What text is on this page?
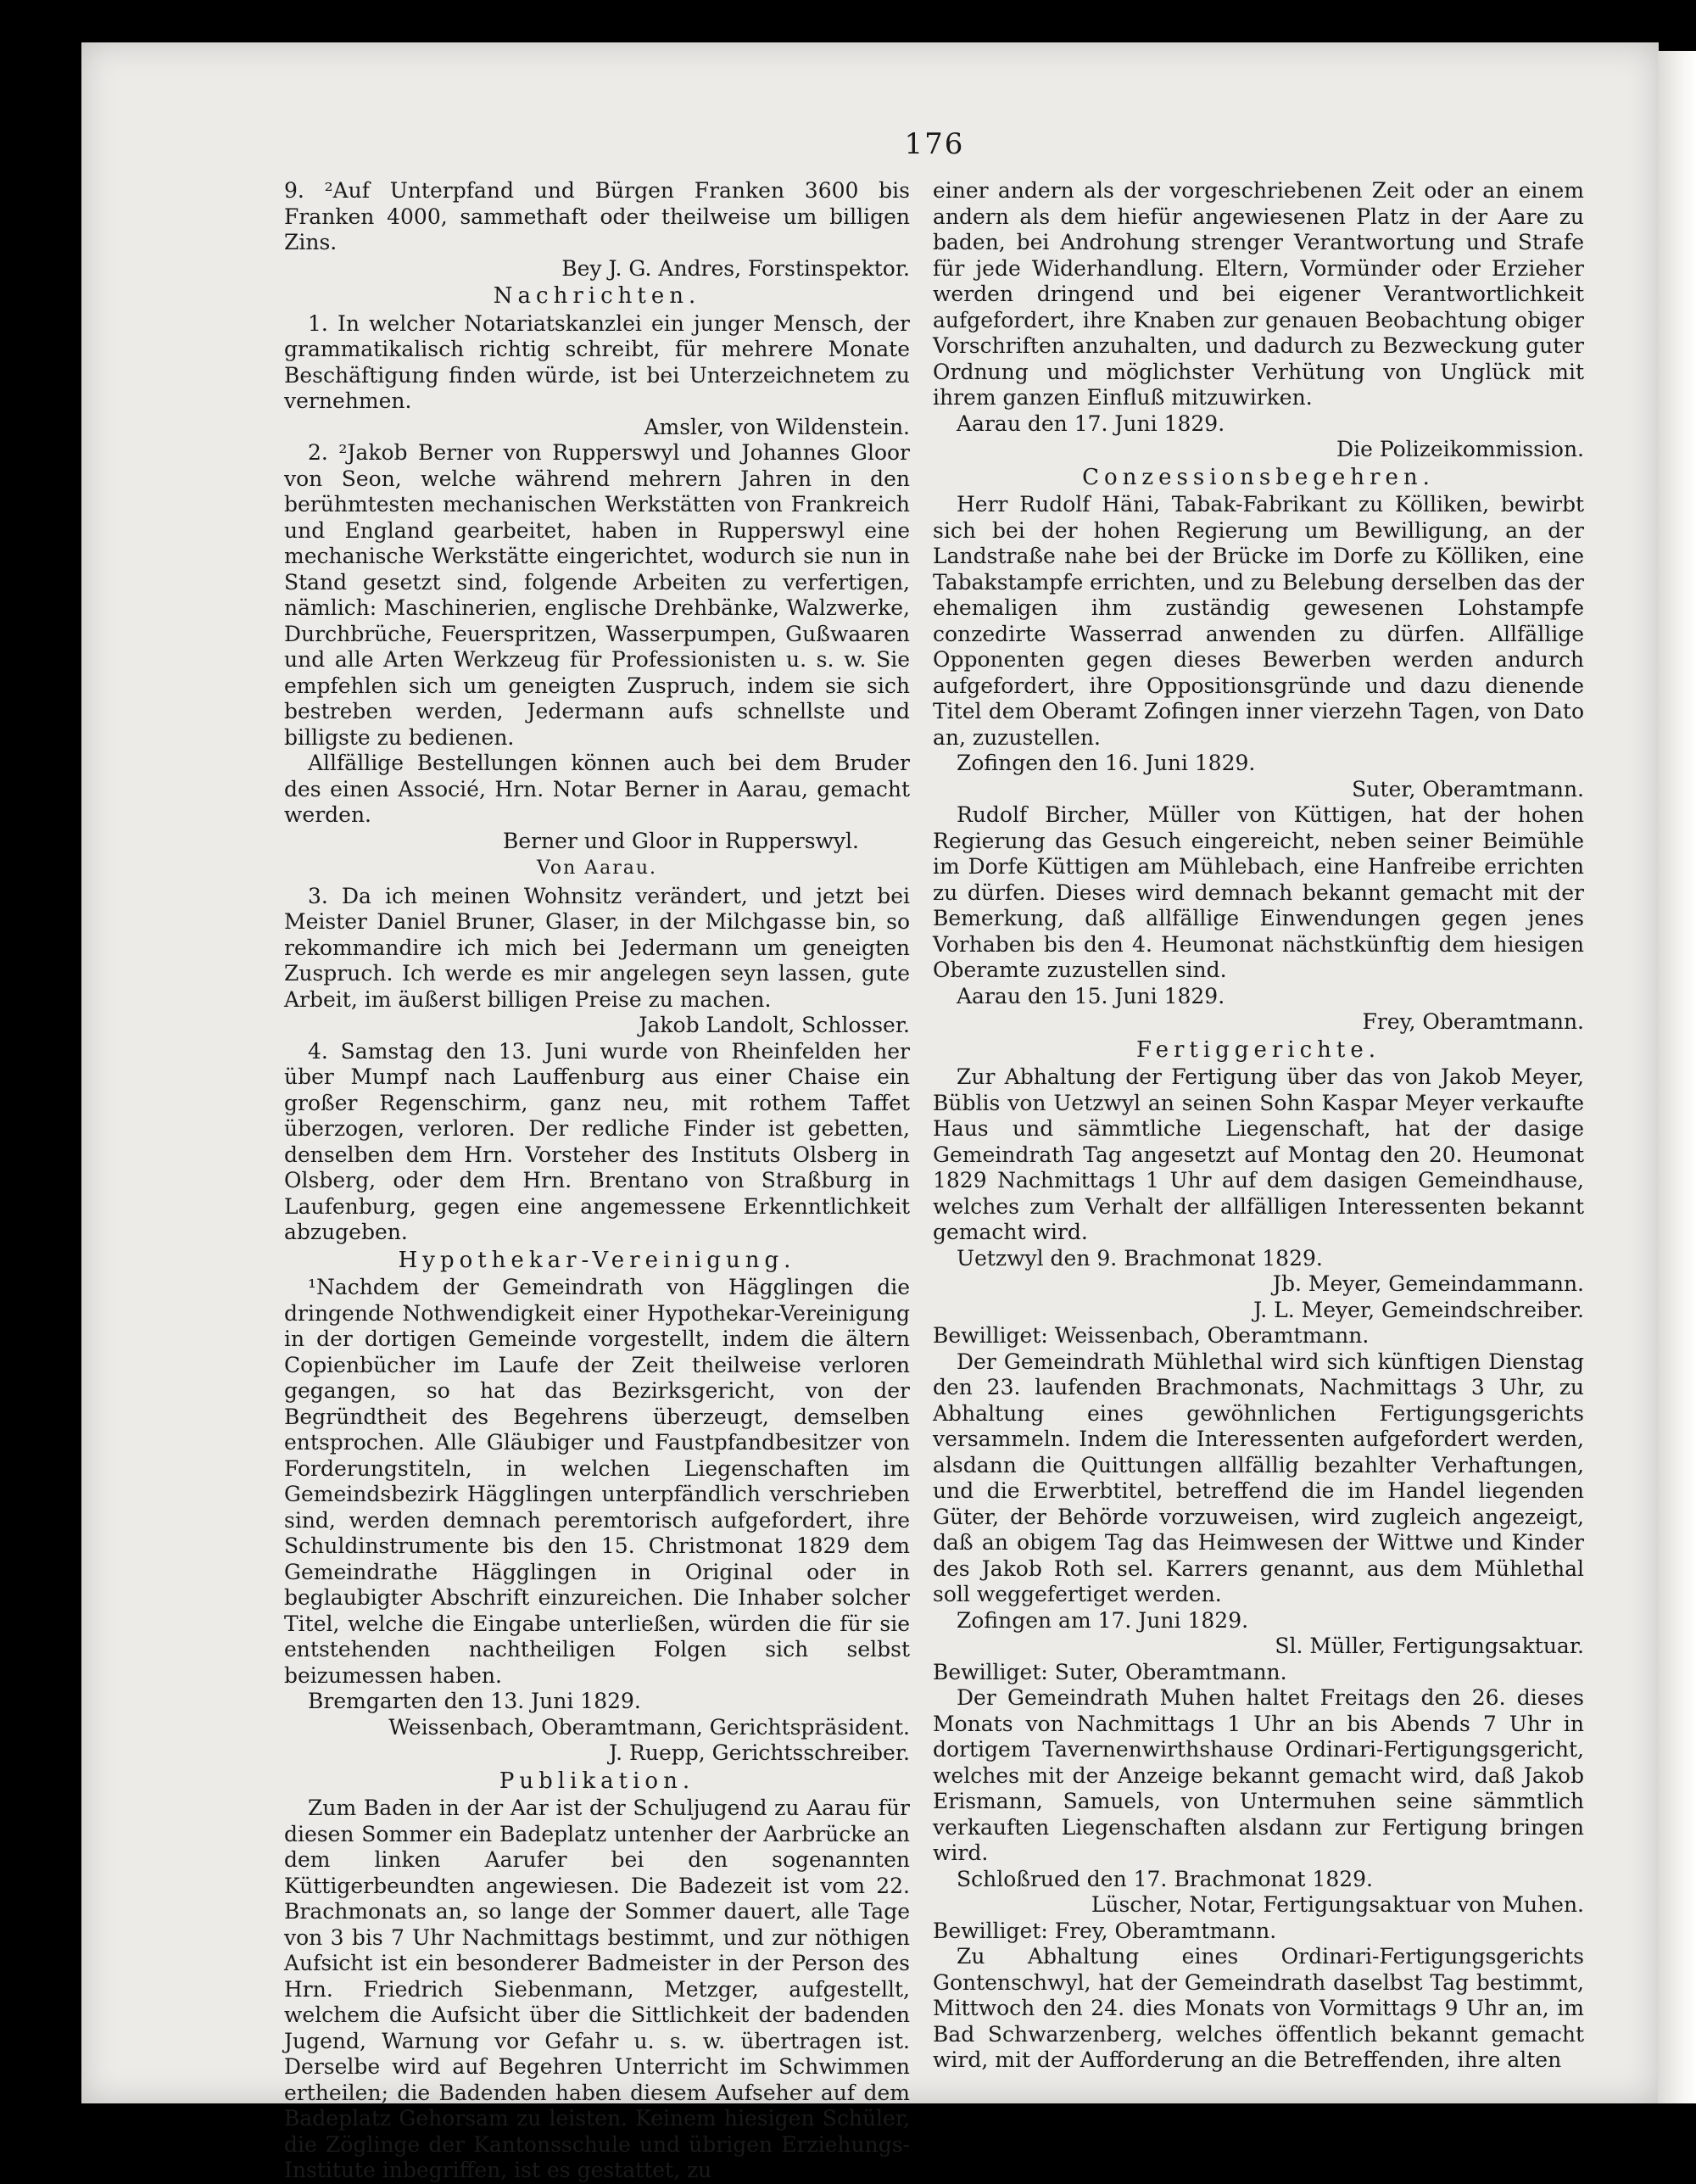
176

9. ²Auf Unterpfand und Bürgen Franken 3600 bis Franken 4000, sammethaft oder theilweise um billigen Zins.

Bey J. G. Andres, Forstinspektor.

Nachrichten.

1. In welcher Notariatskanzlei ein junger Mensch, der grammatikalisch richtig schreibt, für mehrere Monate Beschäftigung finden würde, ist bei Unterzeichnetem zu vernehmen.

Amsler, von Wildenstein.

2. ²Jakob Berner von Rupperswyl und Johannes Gloor von Seon, welche während mehrern Jahren in den berühmtesten mechanischen Werkstätten von Frankreich und England gearbeitet, haben in Rupperswyl eine mechanische Werkstätte eingerichtet, wodurch sie nun in Stand gesetzt sind, folgende Arbeiten zu verfertigen, nämlich: Maschinerien, englische Drehbänke, Walzwerke, Durchbrüche, Feuerspritzen, Wasserpumpen, Gußwaaren und alle Arten Werkzeug für Professionisten u. s. w. Sie empfehlen sich um geneigten Zuspruch, indem sie sich bestreben werden, Jedermann aufs schnellste und billigste zu bedienen.

Allfällige Bestellungen können auch bei dem Bruder des einen Associé, Hrn. Notar Berner in Aarau, gemacht werden.

Berner und Gloor in Rupperswyl.

Von Aarau.

3. Da ich meinen Wohnsitz verändert, und jetzt bei Meister Daniel Bruner, Glaser, in der Milchgasse bin, so rekommandire ich mich bei Jedermann um geneigten Zuspruch. Ich werde es mir angelegen seyn lassen, gute Arbeit, im äußerst billigen Preise zu machen.

Jakob Landolt, Schlosser.

4. Samstag den 13. Juni wurde von Rheinfelden her über Mumpf nach Lauffenburg aus einer Chaise ein großer Regenschirm, ganz neu, mit rothem Taffet überzogen, verloren. Der redliche Finder ist gebetten, denselben dem Hrn. Vorsteher des Instituts Olsberg in Olsberg, oder dem Hrn. Brentano von Straßburg in Laufenburg, gegen eine angemessene Erkenntlichkeit abzugeben.

Hypothekar-Vereinigung.

¹Nachdem der Gemeindrath von Hägglingen die dringende Nothwendigkeit einer Hypothekar-Vereinigung in der dortigen Gemeinde vorgestellt, indem die ältern Copienbücher im Laufe der Zeit theilweise verloren gegangen, so hat das Bezirksgericht, von der Begründtheit des Begehrens überzeugt, demselben entsprochen. Alle Gläubiger und Faustpfandbesitzer von Forderungstiteln, in welchen Liegenschaften im Gemeindsbezirk Hägglingen unterpfändlich verschrieben sind, werden demnach peremtorisch aufgefordert, ihre Schuldinstrumente bis den 15. Christmonat 1829 dem Gemeindrathe Hägglingen in Original oder in beglaubigter Abschrift einzureichen. Die Inhaber solcher Titel, welche die Eingabe unterließen, würden die für sie entstehenden nachtheiligen Folgen sich selbst beizumessen haben.

Bremgarten den 13. Juni 1829.

Weissenbach, Oberamtmann, Gerichtspräsident.

J. Ruepp, Gerichtsschreiber.

Publikation.

Zum Baden in der Aar ist der Schuljugend zu Aarau für diesen Sommer ein Badeplatz untenher der Aarbrücke an dem linken Aarufer bei den sogenannten Küttigerbeundten angewiesen. Die Badezeit ist vom 22. Brachmonats an, so lange der Sommer dauert, alle Tage von 3 bis 7 Uhr Nachmittags bestimmt, und zur nöthigen Aufsicht ist ein besonderer Badmeister in der Person des Hrn. Friedrich Siebenmann, Metzger, aufgestellt, welchem die Aufsicht über die Sittlichkeit der badenden Jugend, Warnung vor Gefahr u. s. w. übertragen ist. Derselbe wird auf Begehren Unterricht im Schwimmen ertheilen; die Badenden haben diesem Aufseher auf dem Badeplatz Gehorsam zu leisten. Keinem hiesigen Schüler, die Zöglinge der Kantonsschule und übrigen Erziehungs-Institute inbegriffen, ist es gestattet, zu

einer andern als der vorgeschriebenen Zeit oder an einem andern als dem hiefür angewiesenen Platz in der Aare zu baden, bei Androhung strenger Verantwortung und Strafe für jede Widerhandlung. Eltern, Vormünder oder Erzieher werden dringend und bei eigener Verantwortlichkeit aufgefordert, ihre Knaben zur genauen Beobachtung obiger Vorschriften anzuhalten, und dadurch zu Bezweckung guter Ordnung und möglichster Verhütung von Unglück mit ihrem ganzen Einfluß mitzuwirken.

Aarau den 17. Juni 1829.

Die Polizeikommission.

Conzessionsbegehren.

Herr Rudolf Häni, Tabak-Fabrikant zu Kölliken, bewirbt sich bei der hohen Regierung um Bewilligung, an der Landstraße nahe bei der Brücke im Dorfe zu Kölliken, eine Tabakstampfe errichten, und zu Belebung derselben das der ehemaligen ihm zuständig gewesenen Lohstampfe conzedirte Wasserrad anwenden zu dürfen. Allfällige Opponenten gegen dieses Bewerben werden andurch aufgefordert, ihre Oppositionsgründe und dazu dienende Titel dem Oberamt Zofingen inner vierzehn Tagen, von Dato an, zuzustellen.

Zofingen den 16. Juni 1829.

Suter, Oberamtmann.

Rudolf Bircher, Müller von Küttigen, hat der hohen Regierung das Gesuch eingereicht, neben seiner Beimühle im Dorfe Küttigen am Mühlebach, eine Hanfreibe errichten zu dürfen. Dieses wird demnach bekannt gemacht mit der Bemerkung, daß allfällige Einwendungen gegen jenes Vorhaben bis den 4. Heumonat nächstkünftig dem hiesigen Oberamte zuzustellen sind.

Aarau den 15. Juni 1829.

Frey, Oberamtmann.

Fertiggerichte.

Zur Abhaltung der Fertigung über das von Jakob Meyer, Büblis von Uetzwyl an seinen Sohn Kaspar Meyer verkaufte Haus und sämmtliche Liegenschaft, hat der dasige Gemeindrath Tag angesetzt auf Montag den 20. Heumonat 1829 Nachmittags 1 Uhr auf dem dasigen Gemeindhause, welches zum Verhalt der allfälligen Interessenten bekannt gemacht wird.

Uetzwyl den 9. Brachmonat 1829.

Jb. Meyer, Gemeindammann.

J. L. Meyer, Gemeindschreiber.

Bewilliget: Weissenbach, Oberamtmann.

Der Gemeindrath Mühlethal wird sich künftigen Dienstag den 23. laufenden Brachmonats, Nachmittags 3 Uhr, zu Abhaltung eines gewöhnlichen Fertigungsgerichts versammeln. Indem die Interessenten aufgefordert werden, alsdann die Quittungen allfällig bezahlter Verhaftungen, und die Erwerbtitel, betreffend die im Handel liegenden Güter, der Behörde vorzuweisen, wird zugleich angezeigt, daß an obigem Tag das Heimwesen der Wittwe und Kinder des Jakob Roth sel. Karrers genannt, aus dem Mühlethal soll weggefertiget werden.

Zofingen am 17. Juni 1829.

Sl. Müller, Fertigungsaktuar.

Bewilliget: Suter, Oberamtmann.

Der Gemeindrath Muhen haltet Freitags den 26. dieses Monats von Nachmittags 1 Uhr an bis Abends 7 Uhr in dortigem Tavernenwirthshause Ordinari-Fertigungsgericht, welches mit der Anzeige bekannt gemacht wird, daß Jakob Erismann, Samuels, von Untermuhen seine sämmtlich verkauften Liegenschaften alsdann zur Fertigung bringen wird.

Schloßrued den 17. Brachmonat 1829.

Lüscher, Notar, Fertigungsaktuar von Muhen.

Bewilliget: Frey, Oberamtmann.

Zu Abhaltung eines Ordinari-Fertigungsgerichts Gontenschwyl, hat der Gemeindrath daselbst Tag bestimmt, Mittwoch den 24. dies Monats von Vormittags 9 Uhr an, im Bad Schwarzenberg, welches öffentlich bekannt gemacht wird, mit der Aufforderung an die Betreffenden, ihre alten
